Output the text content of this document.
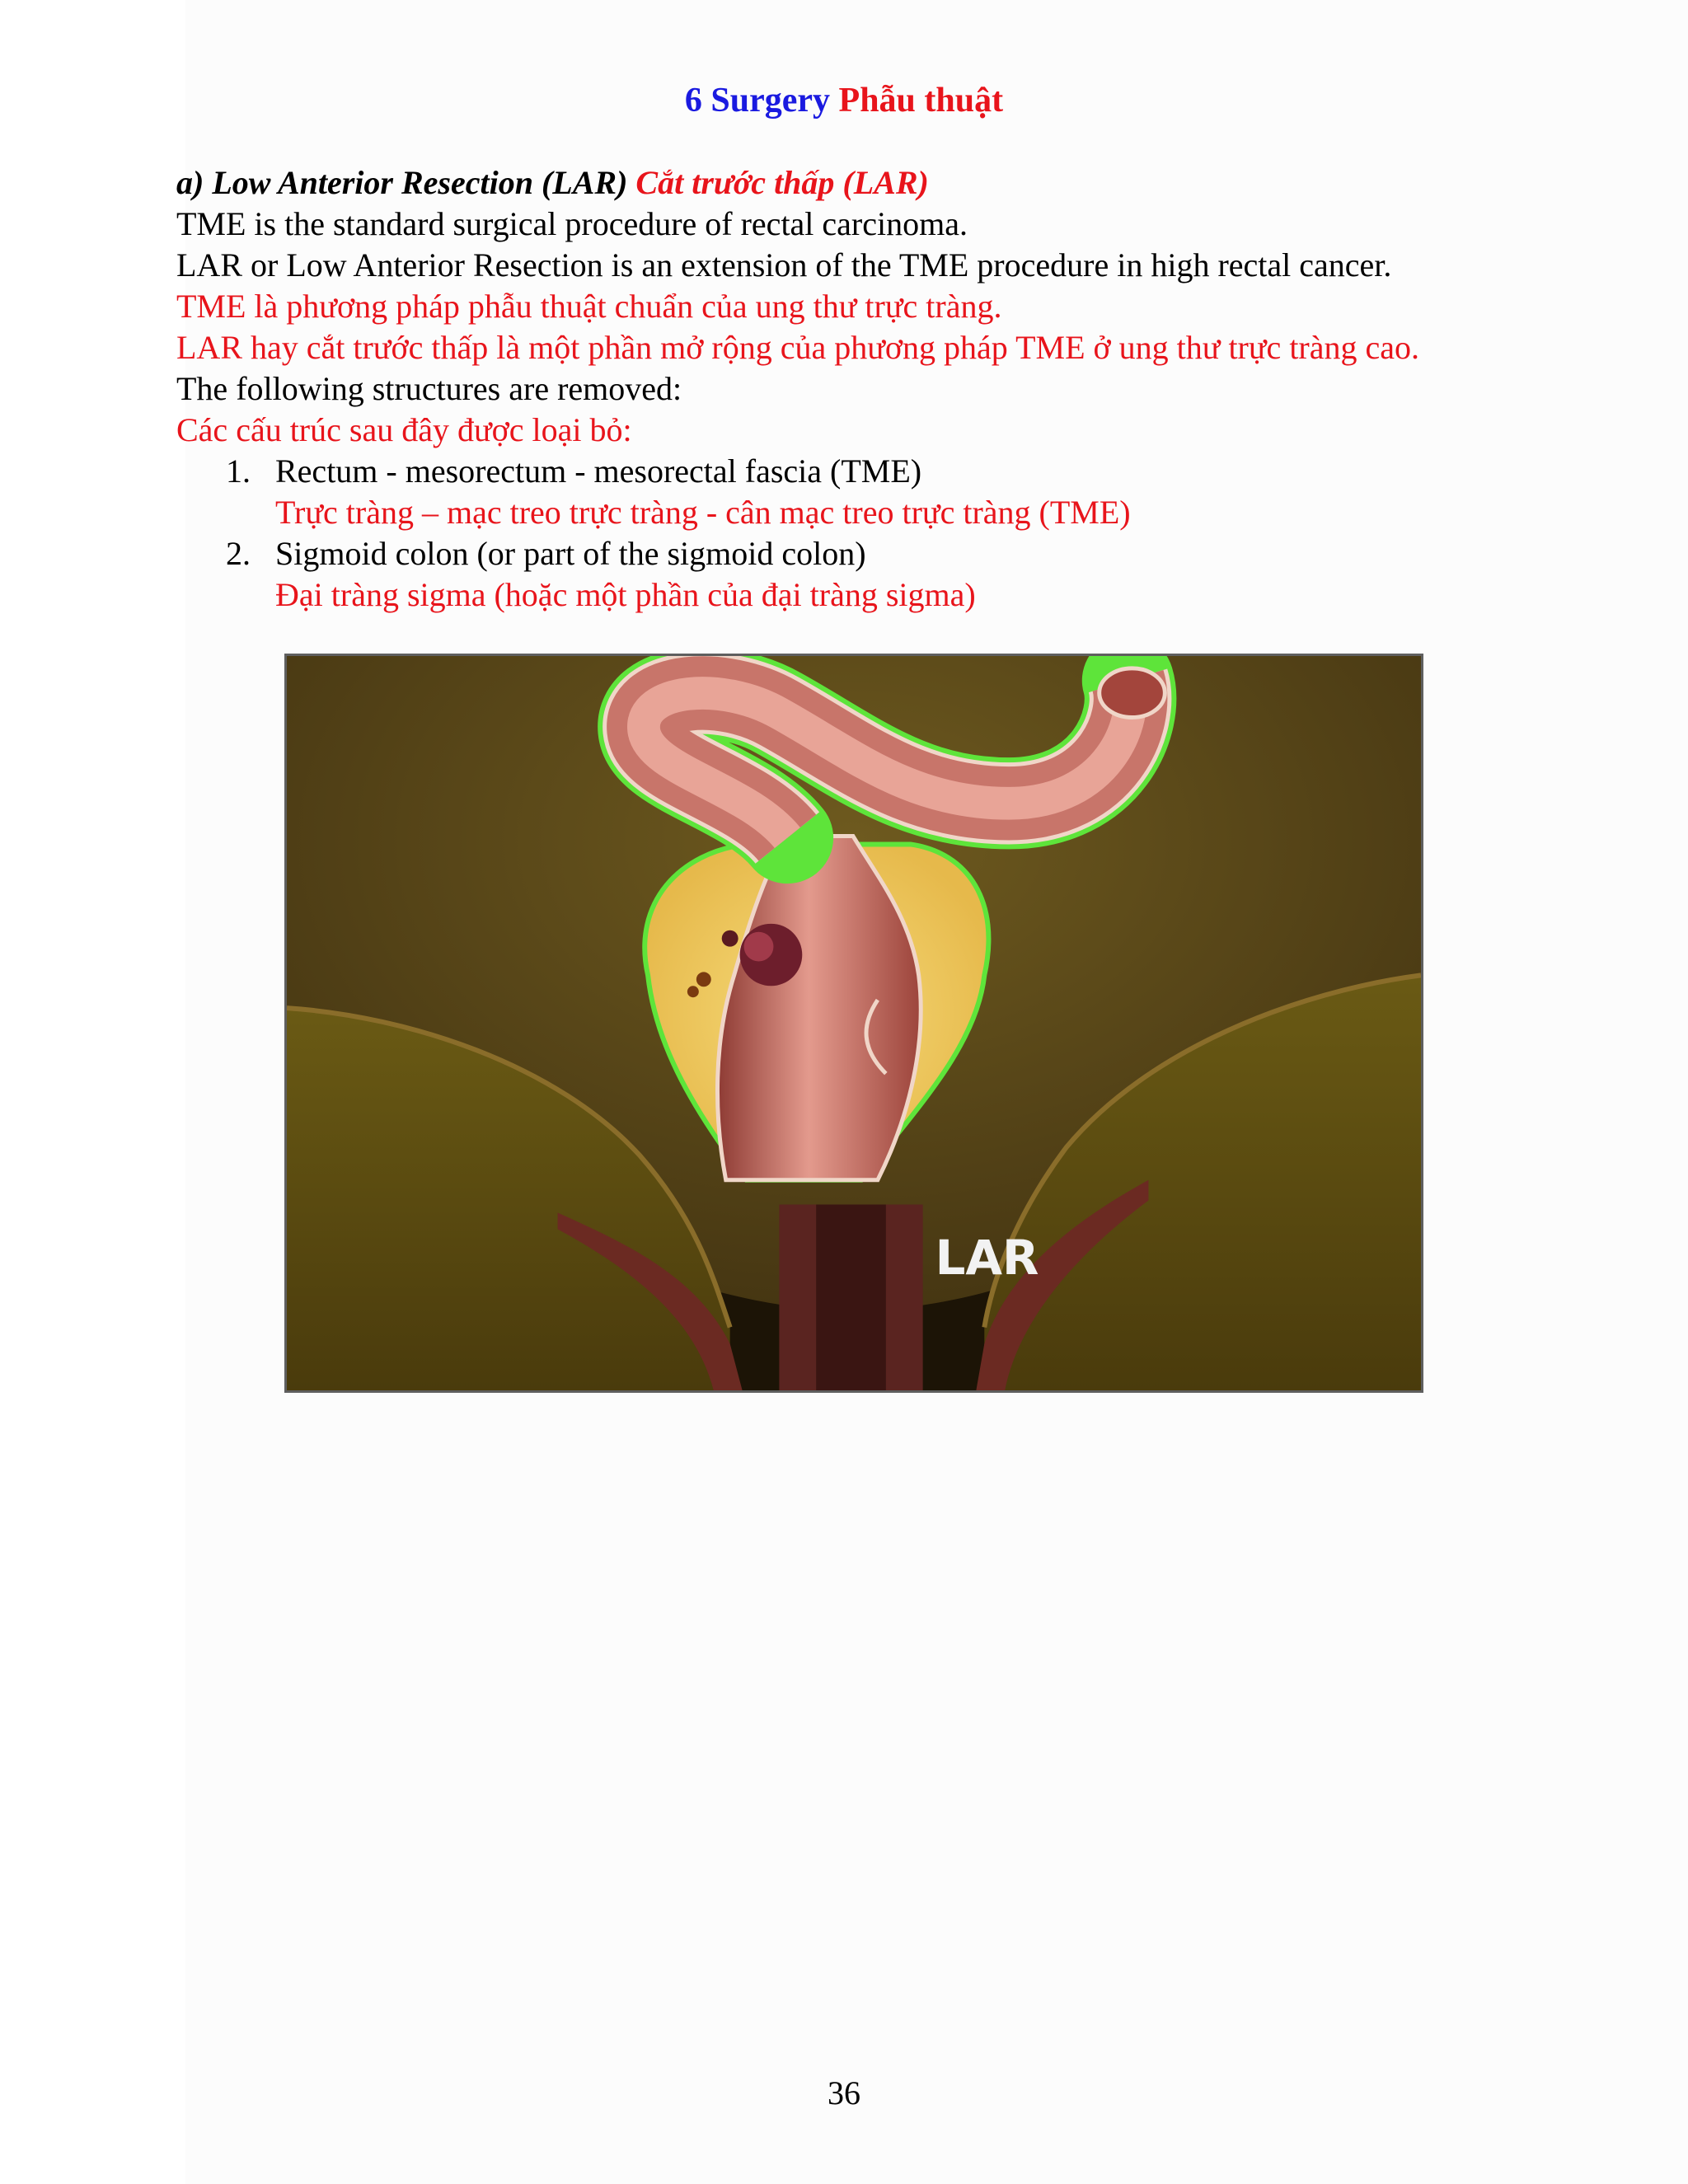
6 Surgery Phẫu thuật
a) Low Anterior Resection (LAR) Cắt trước thấp (LAR)
TME is the standard surgical procedure of rectal carcinoma.
LAR or Low Anterior Resection is an extension of the TME procedure in high rectal cancer.
TME là phương pháp phẫu thuật chuẩn của ung thư trực tràng.
LAR hay cắt trước thấp là một phần mở rộng của phương pháp TME ở ung thư trực tràng cao.
The following structures are removed:
Các cấu trúc sau đây được loại bỏ:
1. Rectum - mesorectum - mesorectal fascia (TME)
Trực tràng – mạc treo trực tràng - cân mạc treo trực tràng (TME)
2. Sigmoid colon (or part of the sigmoid colon)
Đại tràng sigma (hoặc một phần của đại tràng sigma)
LAR
36
